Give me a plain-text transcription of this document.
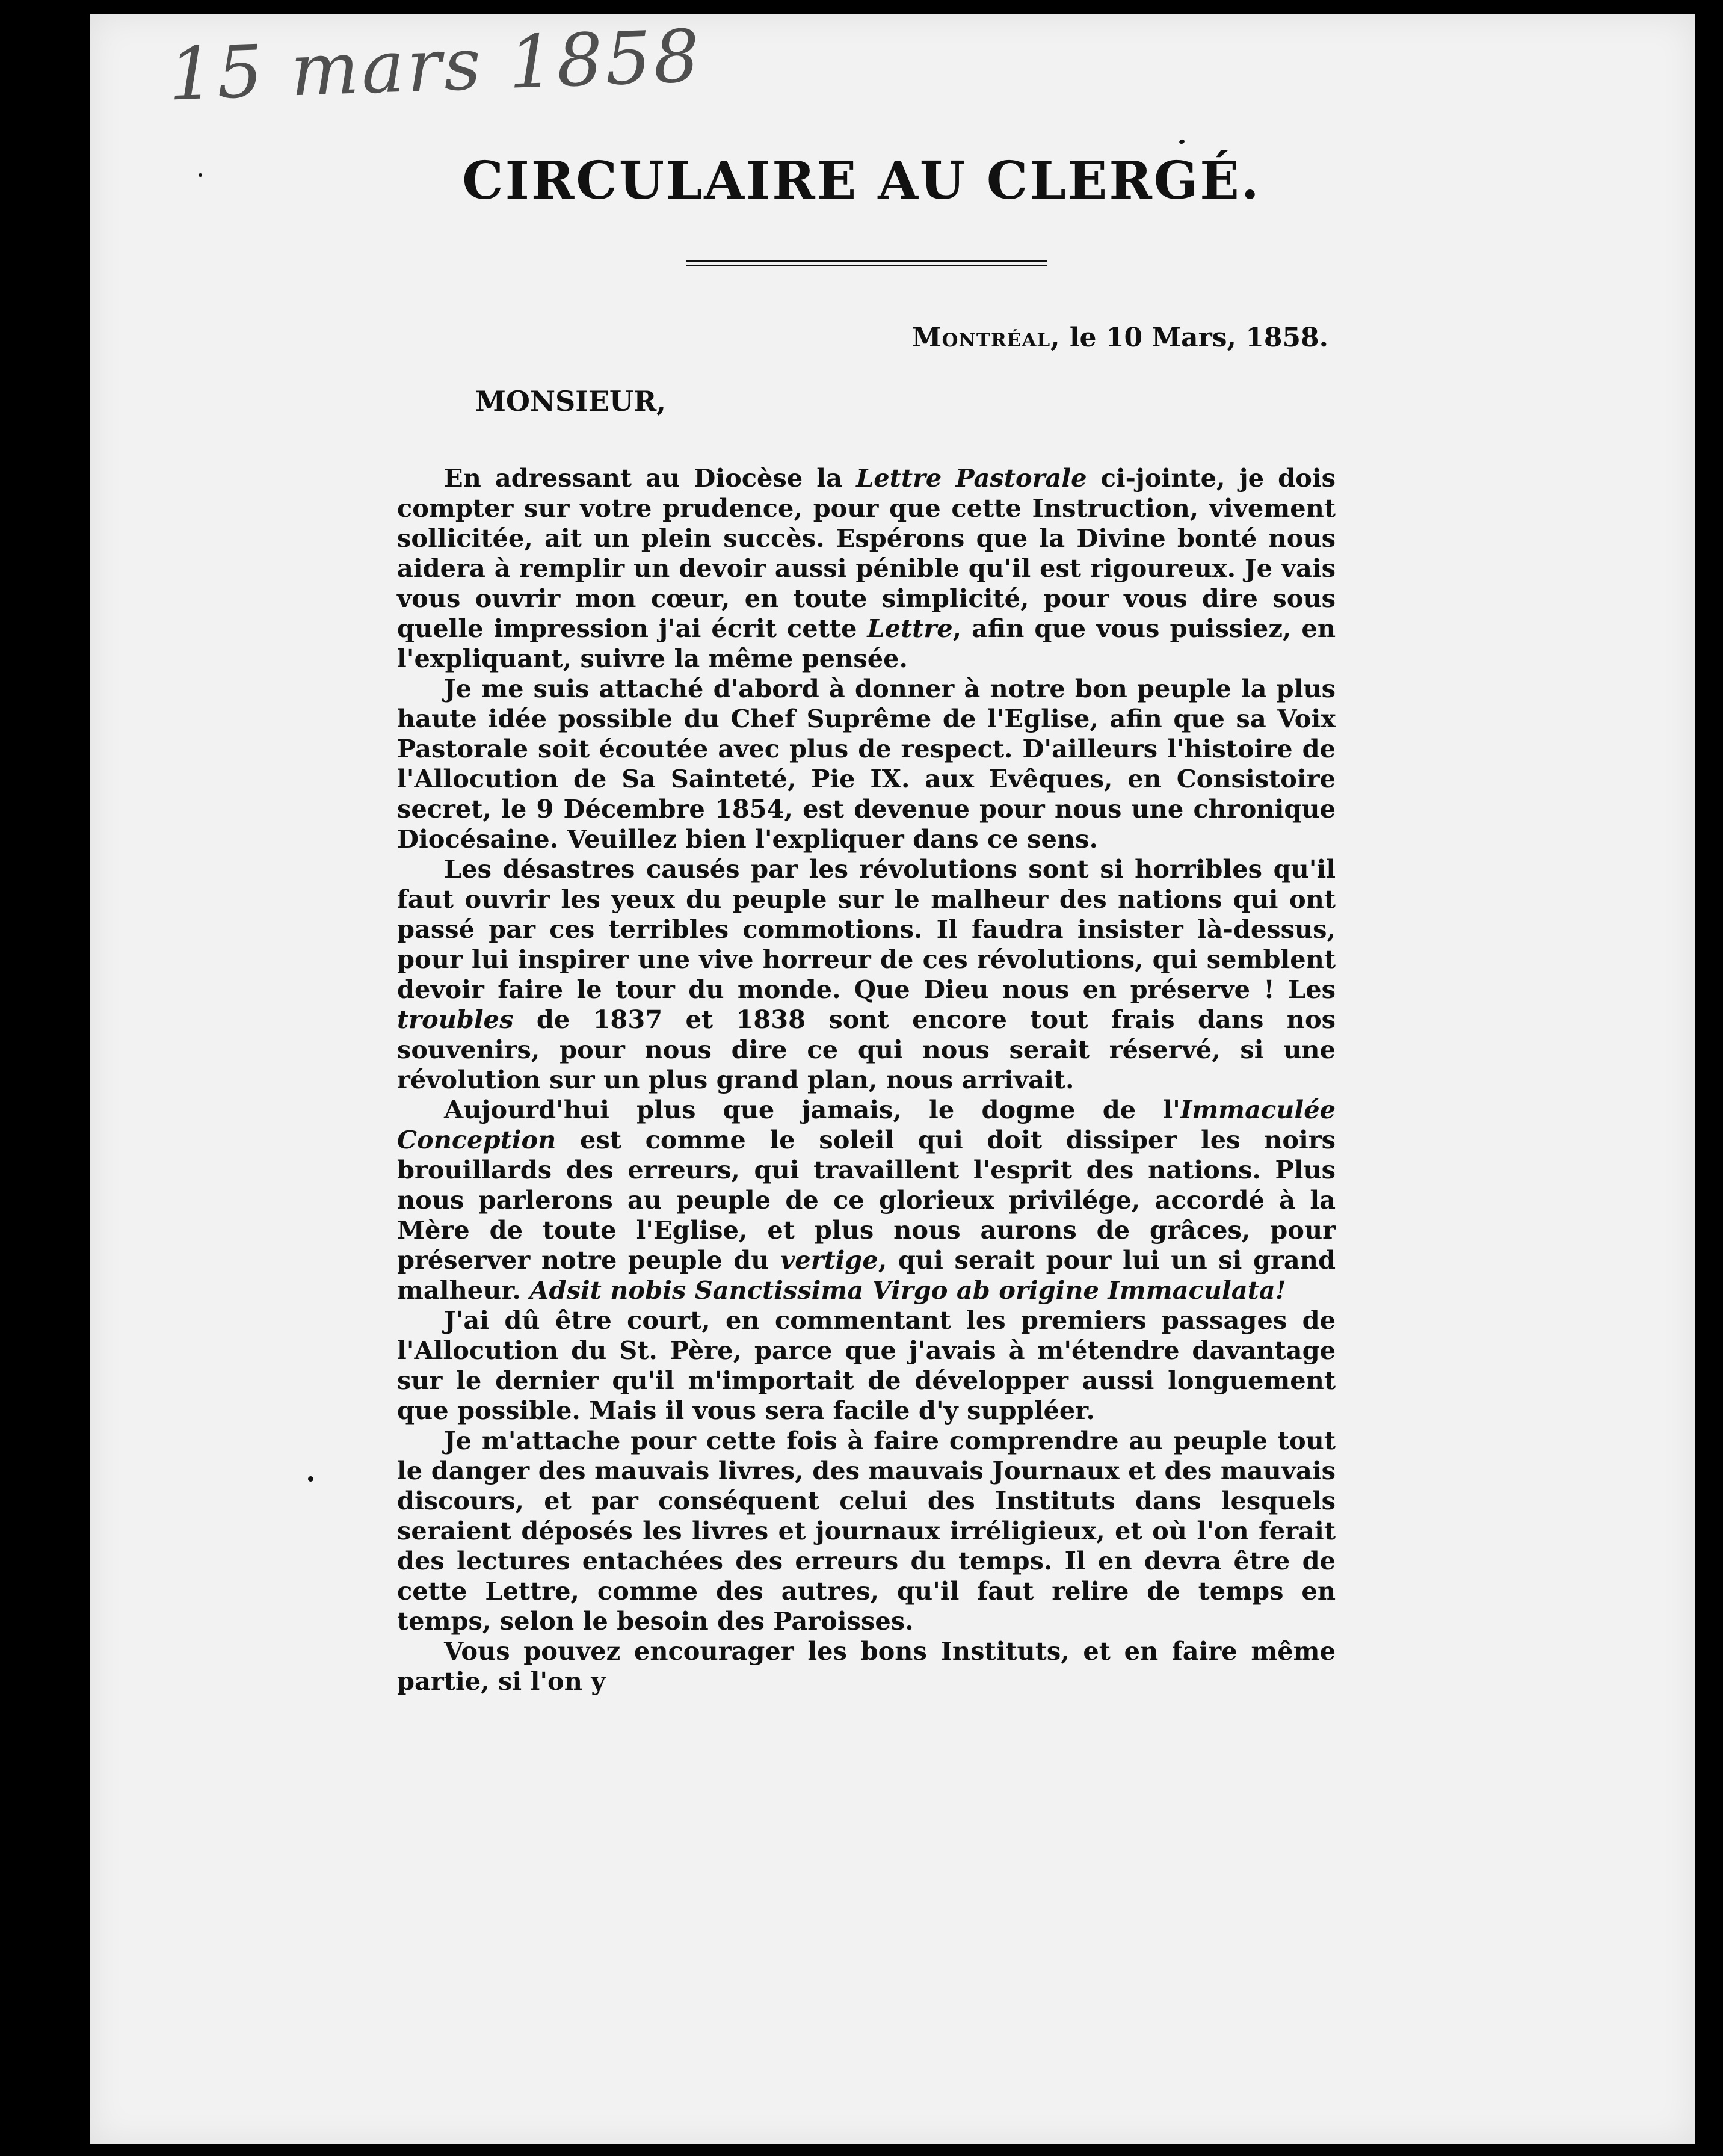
15 mars 1858
CIRCULAIRE AU CLERGÉ.
Montréal, le 10 Mars, 1858.

MONSIEUR,

En adressant au Diocèse la Lettre Pastorale ci-jointe, je dois compter sur votre prudence, pour que cette Instruction, vivement sollicitée, ait un plein succès. Espérons que la Divine bonté nous aidera à remplir un devoir aussi pénible qu'il est rigoureux. Je vais vous ouvrir mon cœur, en toute simplicité, pour vous dire sous quelle impression j'ai écrit cette Lettre, afin que vous puissiez, en l'expliquant, suivre la même pensée.

Je me suis attaché d'abord à donner à notre bon peuple la plus haute idée possible du Chef Suprême de l'Eglise, afin que sa Voix Pastorale soit écoutée avec plus de respect. D'ailleurs l'histoire de l'Allocution de Sa Sainteté, Pie IX. aux Evêques, en Consistoire secret, le 9 Décembre 1854, est devenue pour nous une chronique Diocésaine. Veuillez bien l'expliquer dans ce sens.

Les désastres causés par les révolutions sont si horribles qu'il faut ouvrir les yeux du peuple sur le malheur des nations qui ont passé par ces terribles commotions. Il faudra insister là-dessus, pour lui inspirer une vive horreur de ces révolutions, qui semblent devoir faire le tour du monde. Que Dieu nous en préserve ! Les troubles de 1837 et 1838 sont encore tout frais dans nos souvenirs, pour nous dire ce qui nous serait réservé, si une révolution sur un plus grand plan, nous arrivait.

Aujourd'hui plus que jamais, le dogme de l'Immaculée Conception est comme le soleil qui doit dissiper les noirs brouillards des erreurs, qui travaillent l'esprit des nations. Plus nous parlerons au peuple de ce glorieux privilége, accordé à la Mère de toute l'Eglise, et plus nous aurons de grâces, pour préserver notre peuple du vertige, qui serait pour lui un si grand malheur. Adsit nobis Sanctissima Virgo ab origine Immaculata!

J'ai dû être court, en commentant les premiers passages de l'Allocution du St. Père, parce que j'avais à m'étendre davantage sur le dernier qu'il m'importait de développer aussi longuement que possible. Mais il vous sera facile d'y suppléer.

Je m'attache pour cette fois à faire comprendre au peuple tout le danger des mauvais livres, des mauvais Journaux et des mauvais discours, et par conséquent celui des Instituts dans lesquels seraient déposés les livres et journaux irréligieux, et où l'on ferait des lectures entachées des erreurs du temps. Il en devra être de cette Lettre, comme des autres, qu'il faut relire de temps en temps, selon le besoin des Paroisses.

Vous pouvez encourager les bons Instituts, et en faire même partie, si l'on y
